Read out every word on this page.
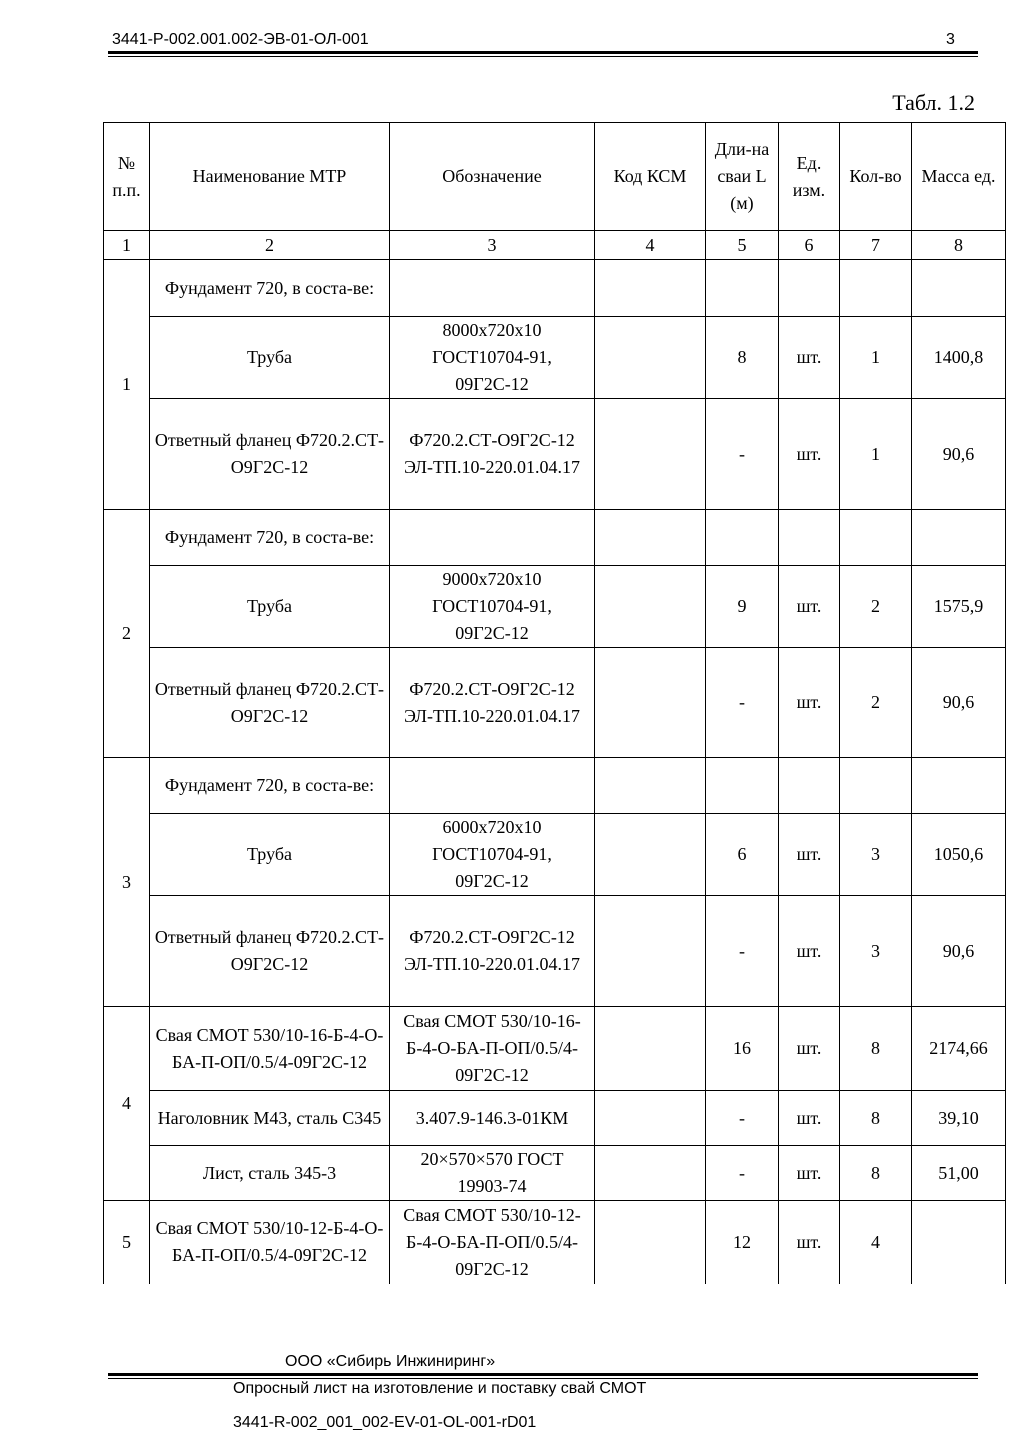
3441-Р-002.001.002-ЭВ-01-ОЛ-001	3
Табл. 1.2
№ п.п.	Наименование МТР	Обозначение	Код КСМ	Дли-на сваи L (м)	Ед. изм.	Кол-во	Масса ед.
1	2	3	4	5	6	7	8
1	Фундамент 720, в соста-ве:						
	Труба	8000х720х10 ГОСТ10704-91, 09Г2С-12		8	шт.	1	1400,8
	Ответный фланец Ф720.2.СТ-О9Г2С-12	Ф720.2.СТ-О9Г2С-12 ЭЛ-ТП.10-220.01.04.17		-	шт.	1	90,6
2	Фундамент 720, в соста-ве:						
	Труба	9000х720х10 ГОСТ10704-91, 09Г2С-12		9	шт.	2	1575,9
	Ответный фланец Ф720.2.СТ-О9Г2С-12	Ф720.2.СТ-О9Г2С-12 ЭЛ-ТП.10-220.01.04.17		-	шт.	2	90,6
3	Фундамент 720, в соста-ве:						
	Труба	6000х720х10 ГОСТ10704-91, 09Г2С-12		6	шт.	3	1050,6
	Ответный фланец Ф720.2.СТ-О9Г2С-12	Ф720.2.СТ-О9Г2С-12 ЭЛ-ТП.10-220.01.04.17		-	шт.	3	90,6
4	Свая СМОТ 530/10-16-Б-4-О-БА-П-ОП/0.5/4-09Г2С-12	Свая СМОТ 530/10-16-Б-4-О-БА-П-ОП/0.5/4-09Г2С-12		16	шт.	8	2174,66
	Наголовник М43, сталь С345	3.407.9-146.3-01КМ		-	шт.	8	39,10
	Лист, сталь 345-3	20×570×570 ГОСТ 19903-74		-	шт.	8	51,00
5	Свая СМОТ 530/10-12-Б-4-О-БА-П-ОП/0.5/4-09Г2С-12	Свая СМОТ 530/10-12-Б-4-О-БА-П-ОП/0.5/4-09Г2С-12		12	шт.	4	
ООО «Сибирь Инжиниринг»
Опросный лист на изготовление и поставку свай СМОТ
3441-R-002_001_002-EV-01-OL-001-rD01
